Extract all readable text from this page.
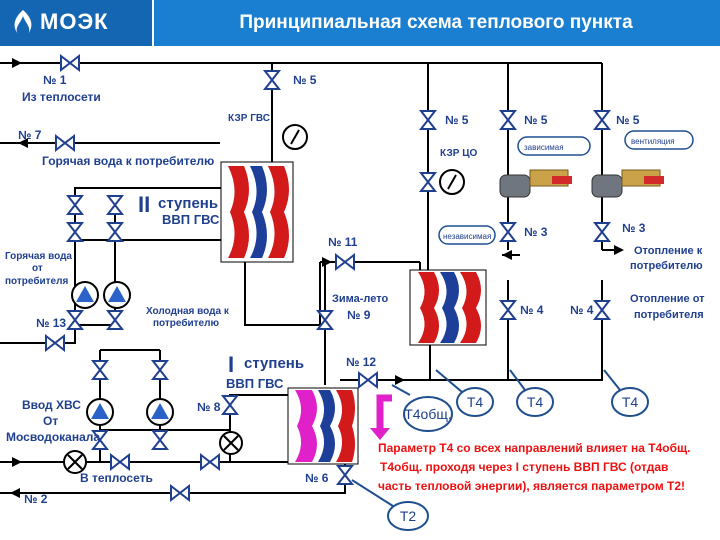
МОЭК	Принципиальная схема теплового пункта
№ 1
Из теплосети
№ 7
Горячая вода к потребителю
№ 5
КЗР ГВС
II ступень
ВВП ГВС
Горячая вода
от
потребителя
№ 13
Холодная вода к
потребителю
I ступень
ВВП ГВС
Ввод ХВС
От
Мосводоканала
№ 8
В теплосеть
№ 2
№ 6
№ 11
Зима-лето
№ 9
№ 12
№ 5
КЗР ЦО
№ 5	№ 5
зависимая
вентиляция
независимая	№ 3	№ 3
Отопление к
потребителю
№ 4 № 4
Отопление от
потребителя
Т4общ.
Т4	Т4	Т4
Т2
Параметр Т4 со всех направлений влияет на Т4общ.
Т4общ. проходя через I ступень ВВП ГВС (отдав
часть тепловой энергии), является параметром Т2!
